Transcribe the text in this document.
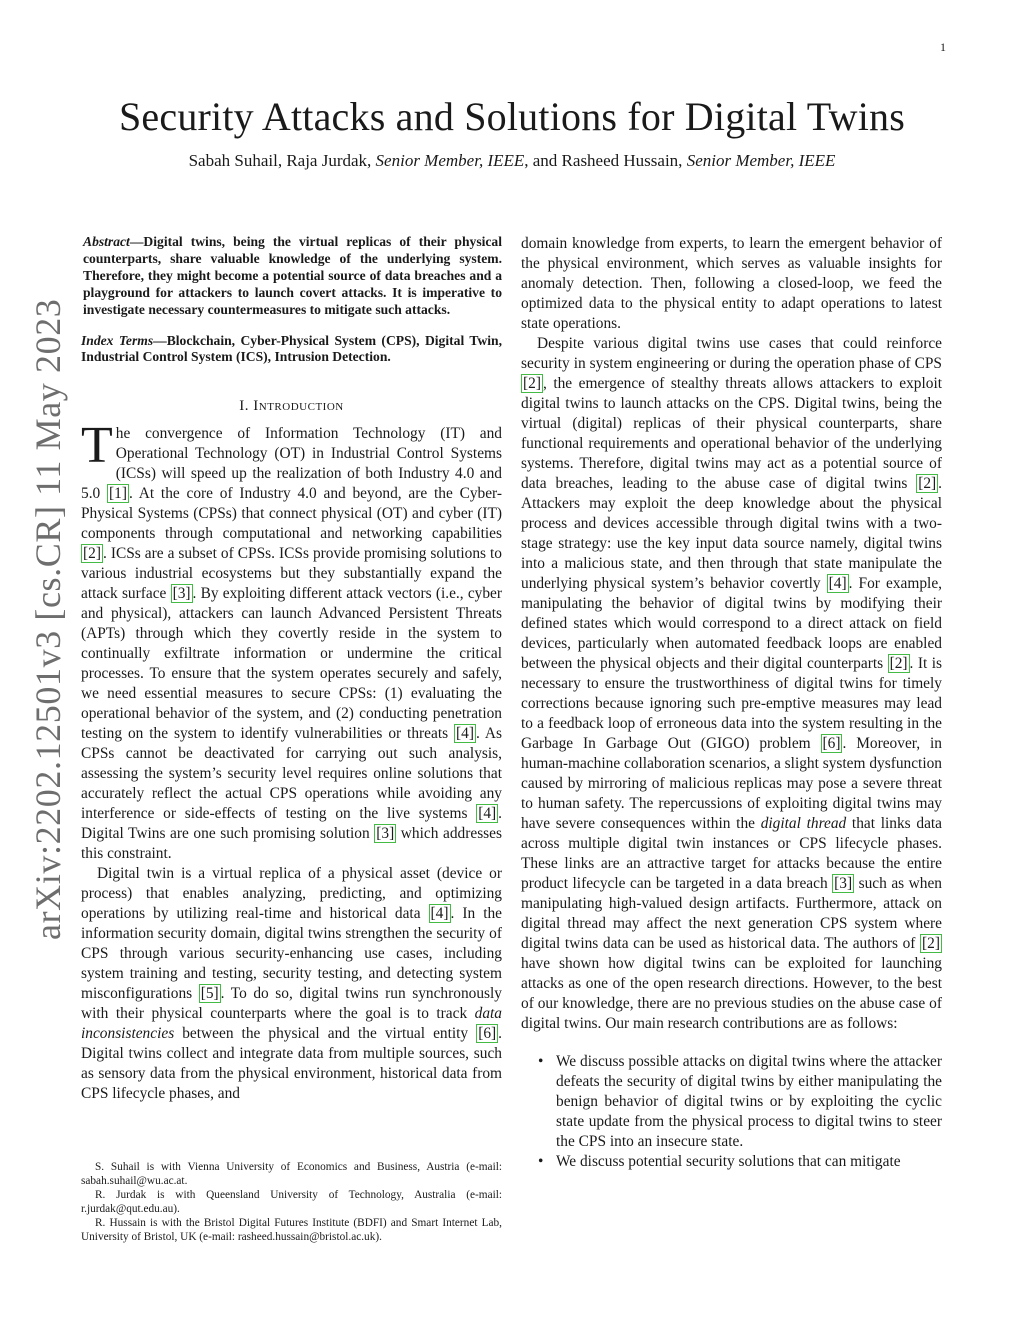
1
Security Attacks and Solutions for Digital Twins
Sabah Suhail, Raja Jurdak, Senior Member, IEEE, and Rasheed Hussain, Senior Member, IEEE
arXiv:2202.12501v3 [cs.CR] 11 May 2023
Abstract—Digital twins, being the virtual replicas of their physical counterparts, share valuable knowledge of the underlying system. Therefore, they might become a potential source of data breaches and a playground for attackers to launch covert attacks. It is imperative to investigate necessary countermeasures to mitigate such attacks.
Index Terms—Blockchain, Cyber-Physical System (CPS), Digital Twin, Industrial Control System (ICS), Intrusion Detection.
I. Introduction

The convergence of Information Technology (IT) and Operational Technology (OT) in Industrial Control Systems (ICSs) will speed up the realization of both Industry 4.0 and 5.0 [1] . At the core of Industry 4.0 and beyond, are the Cyber-Physical Systems (CPSs) that connect physical (OT) and cyber (IT) components through computational and networking capabilities [2] . ICSs are a subset of CPSs. ICSs provide promising solutions to various industrial ecosystems but they substantially expand the attack surface [3] . By exploiting different attack vectors (i.e., cyber and physical), attackers can launch Advanced Persistent Threats (APTs) through which they covertly reside in the system to continually exfiltrate information or undermine the critical processes. To ensure that the system operates securely and safely, we need essential measures to secure CPSs: (1) evaluating the operational behavior of the system, and (2) conducting penetration testing on the system to identify vulnerabilities or threats [4] . As CPSs cannot be deactivated for carrying out such analysis, assessing the system’s security level requires online solutions that accurately reflect the actual CPS operations while avoiding any interference or side-effects of testing on the live systems [4] . Digital Twins are one such promising solution [3] which addresses this constraint.

Digital twin is a virtual replica of a physical asset (device or process) that enables analyzing, predicting, and optimizing operations by utilizing real-time and historical data [4] . In the information security domain, digital twins strengthen the security of CPS through various security-enhancing use cases, including system training and testing, security testing, and detecting system misconfigurations [5] . To do so, digital twins run synchronously with their physical counterparts where the goal is to track data inconsistencies between the physical and the virtual entity [6] . Digital twins collect and integrate data from multiple sources, such as sensory data from the physical environment, historical data from CPS lifecycle phases, and

S. Suhail is with Vienna University of Economics and Business, Austria (e-mail: sabah.suhail@wu.ac.at.

R. Jurdak is with Queensland University of Technology, Australia (e-mail: r.jurdak@qut.edu.au).

R. Hussain is with the Bristol Digital Futures Institute (BDFI) and Smart Internet Lab, University of Bristol, UK (e-mail: rasheed.hussain@bristol.ac.uk).

domain knowledge from experts, to learn the emergent behavior of the physical environment, which serves as valuable insights for anomaly detection. Then, following a closed-loop, we feed the optimized data to the physical entity to adapt operations to latest state operations.

Despite various digital twins use cases that could reinforce security in system engineering or during the operation phase of CPS [2] , the emergence of stealthy threats allows attackers to exploit digital twins to launch attacks on the CPS. Digital twins, being the virtual (digital) replicas of their physical counterparts, share functional requirements and operational behavior of the underlying systems. Therefore, digital twins may act as a potential source of data breaches, leading to the abuse case of digital twins [2] . Attackers may exploit the deep knowledge about the physical process and devices accessible through digital twins with a two-stage strategy: use the key input data source namely, digital twins into a malicious state, and then through that state manipulate the underlying physical system’s behavior covertly [4] . For example, manipulating the behavior of digital twins by modifying their defined states which would correspond to a direct attack on field devices, particularly when automated feedback loops are enabled between the physical objects and their digital counterparts [2] . It is necessary to ensure the trustworthiness of digital twins for timely corrections because ignoring such pre-emptive measures may lead to a feedback loop of erroneous data into the system resulting in the Garbage In Garbage Out (GIGO) problem [6] . Moreover, in human-machine collaboration scenarios, a slight system dysfunction caused by mirroring of malicious replicas may pose a severe threat to human safety. The repercussions of exploiting digital twins may have severe consequences within the digital thread that links data across multiple digital twin instances or CPS lifecycle phases. These links are an attractive target for attacks because the entire product lifecycle can be targeted in a data breach [3] such as when manipulating high-valued design artifacts. Furthermore, attack on digital thread may affect the next generation CPS system where digital twins data can be used as historical data. The authors of [2] have shown how digital twins can be exploited for launching attacks as one of the open research directions. However, to the best of our knowledge, there are no previous studies on the abuse case of digital twins. Our main research contributions are as follows:

• We discuss possible attacks on digital twins where the attacker defeats the security of digital twins by either manipulating the benign behavior of digital twins or by exploiting the cyclic state update from the physical process to digital twins to steer the CPS into an insecure state.
• We discuss potential security solutions that can mitigate
